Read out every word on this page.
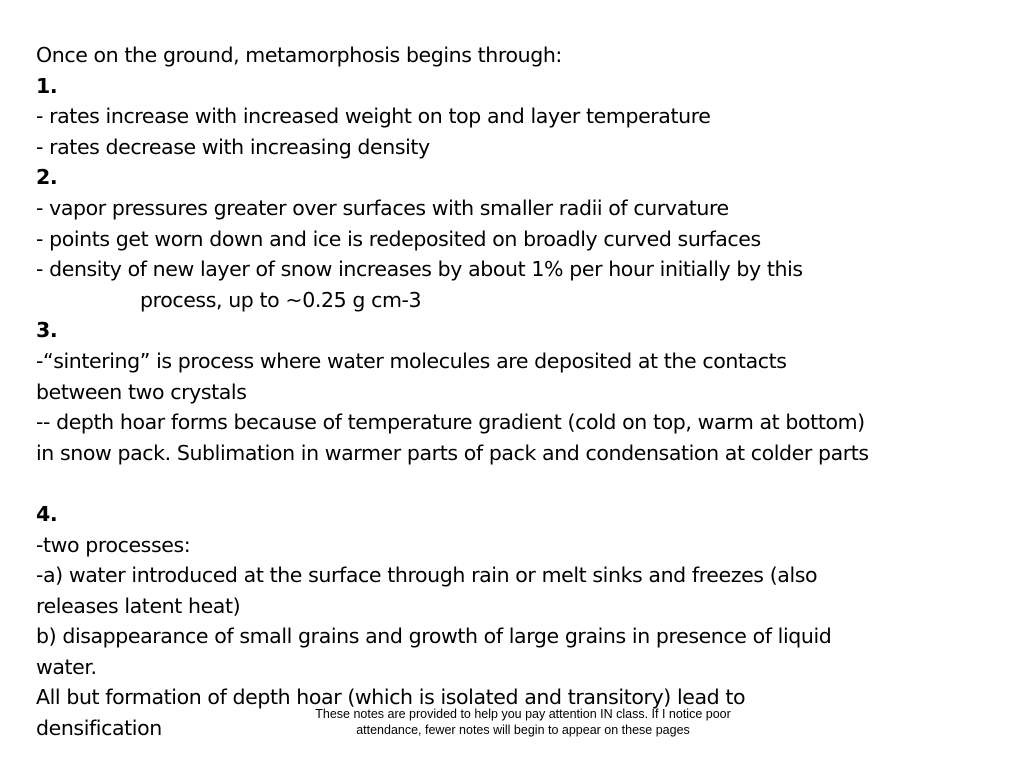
Once on the ground, metamorphosis begins through:
1.
- rates increase with increased weight on top and layer temperature
- rates decrease with increasing density
2.
- vapor pressures greater over surfaces with smaller radii of curvature
- points get worn down and ice is redeposited on broadly curved surfaces
- density of new layer of snow increases by about 1% per hour initially by this
process, up to ~0.25 g cm-3
3.
-“sintering” is process where water molecules are deposited at the contacts
between two crystals
-- depth hoar forms because of temperature gradient (cold on top, warm at bottom)
in snow pack. Sublimation in warmer parts of pack and condensation at colder parts
4.
-two processes:
-a) water introduced at the surface through rain or melt sinks and freezes (also
releases latent heat)
b) disappearance of small grains and growth of large grains in presence of liquid
water.
All but formation of depth hoar (which is isolated and transitory) lead to
densification
These notes are provided to help you pay attention IN class. If I notice poor
attendance, fewer notes will begin to appear on these pages
